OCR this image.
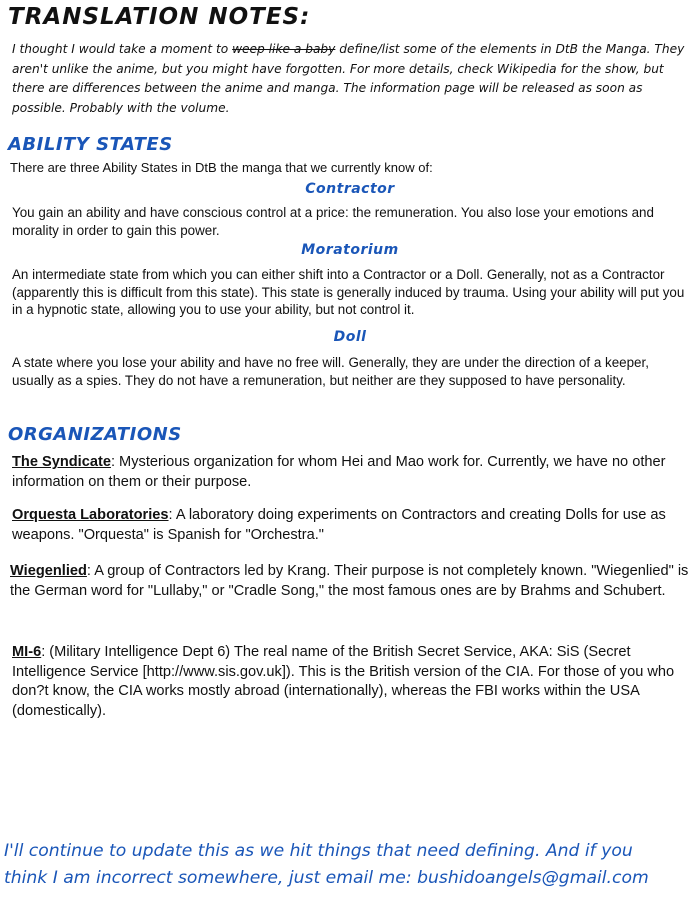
TRANSLATION NOTES:
I thought I would take a moment to weep like a baby define/list some of the elements in DtB the Manga. They aren't unlike the anime, but you might have forgotten. For more details, check Wikipedia for the show, but there are differences between the anime and manga. The information page will be released as soon as possible. Probably with the volume.
ABILITY STATES
There are three Ability States in DtB the manga that we currently know of:
Contractor
You gain an ability and have conscious control at a price: the remuneration. You also lose your emotions and morality in order to gain this power.
Moratorium
An intermediate state from which you can either shift into a Contractor or a Doll. Generally, not as a Contractor (apparently this is difficult from this state). This state is generally induced by trauma. Using your ability will put you in a hypnotic state, allowing you to use your ability, but not control it.
Doll
A state where you lose your ability and have no free will. Generally, they are under the direction of a keeper, usually as a spies. They do not have a remuneration, but neither are they supposed to have personality.
ORGANIZATIONS
The Syndicate: Mysterious organization for whom Hei and Mao work for. Currently, we have no other information on them or their purpose.
Orquesta Laboratories: A laboratory doing experiments on Contractors and creating Dolls for use as weapons. "Orquesta" is Spanish for "Orchestra."
Wiegenlied: A group of Contractors led by Krang. Their purpose is not completely known. "Wiegenlied" is the German word for "Lullaby," or "Cradle Song," the most famous ones are by Brahms and Schubert.
MI-6: (Military Intelligence Dept 6) The real name of the British Secret Service, AKA: SiS (Secret Intelligence Service [http://www.sis.gov.uk]). This is the British version of the CIA. For those of you who don?t know, the CIA works mostly abroad (internationally), whereas the FBI works within the USA (domestically).
I'll continue to update this as we hit things that need defining. And if you
think I am incorrect somewhere, just email me: bushidoangels@gmail.com
